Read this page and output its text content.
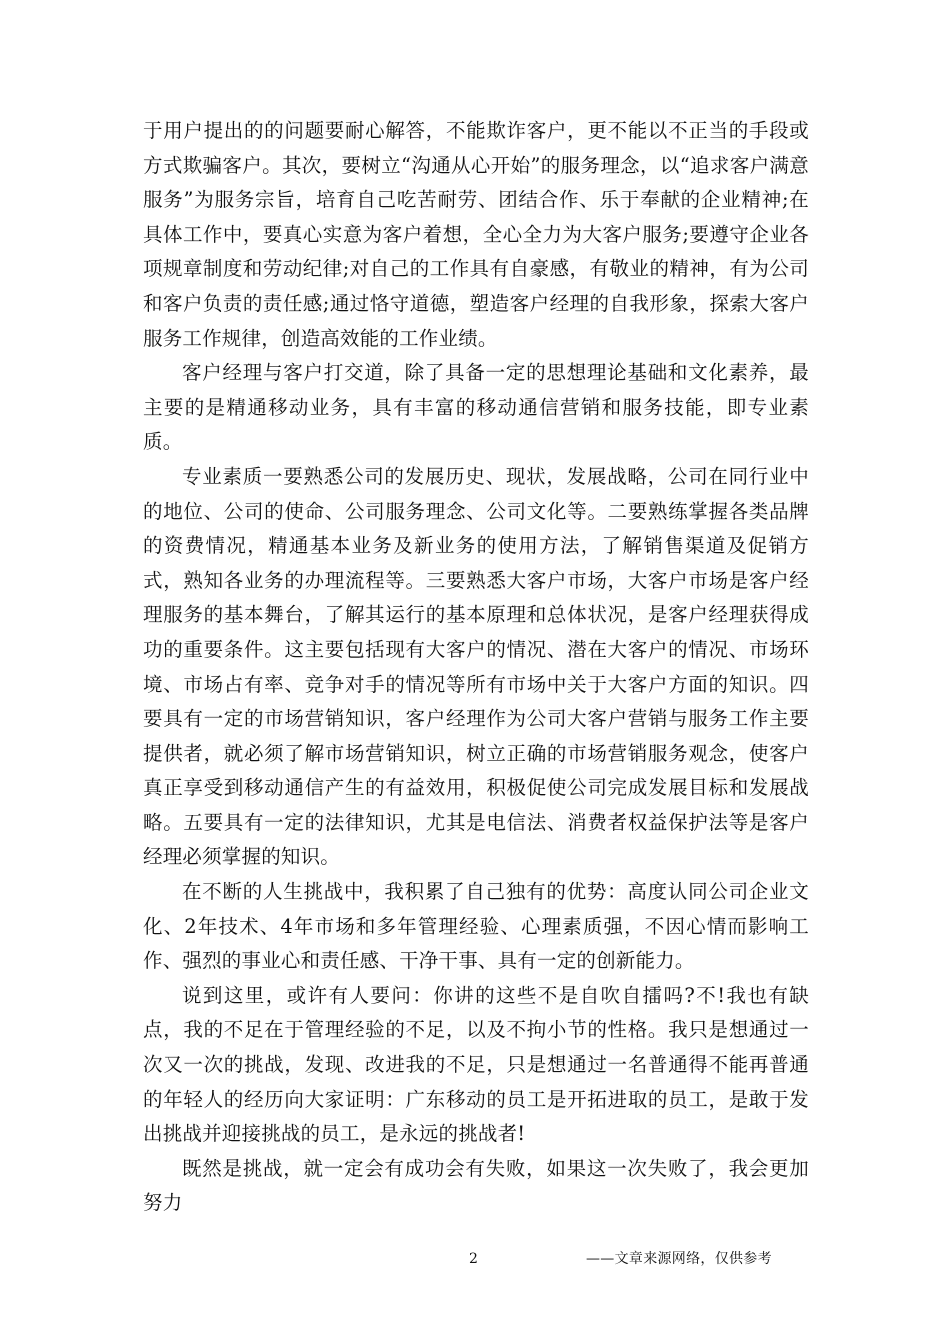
于用户提出的的问题要耐心解答，不能欺诈客户，更不能以不正当的手段或方式欺骗客户。其次，要树立“沟通从心开始”的服务理念，以“追求客户满意服务”为服务宗旨，培育自己吃苦耐劳、团结合作、乐于奉献的企业精神;在具体工作中，要真心实意为客户着想，全心全力为大客户服务;要遵守企业各项规章制度和劳动纪律;对自己的工作具有自豪感，有敬业的精神，有为公司和客户负责的责任感;通过恪守道德，塑造客户经理的自我形象，探索大客户服务工作规律，创造高效能的工作业绩。

客户经理与客户打交道，除了具备一定的思想理论基础和文化素养，最主要的是精通移动业务，具有丰富的移动通信营销和服务技能，即专业素质。

专业素质一要熟悉公司的发展历史、现状，发展战略，公司在同行业中的地位、公司的使命、公司服务理念、公司文化等。二要熟练掌握各类品牌的资费情况，精通基本业务及新业务的使用方法，了解销售渠道及促销方式，熟知各业务的办理流程等。三要熟悉大客户市场，大客户市场是客户经理服务的基本舞台，了解其运行的基本原理和总体状况，是客户经理获得成功的重要条件。这主要包括现有大客户的情况、潜在大客户的情况、市场环境、市场占有率、竞争对手的情况等所有市场中关于大客户方面的知识。四要具有一定的市场营销知识，客户经理作为公司大客户营销与服务工作主要提供者，就必须了解市场营销知识，树立正确的市场营销服务观念，使客户真正享受到移动通信产生的有益效用，积极促使公司完成发展目标和发展战略。五要具有一定的法律知识，尤其是电信法、消费者权益保护法等是客户经理必须掌握的知识。

在不断的人生挑战中，我积累了自己独有的优势：高度认同公司企业文化、2年技术、4年市场和多年管理经验、心理素质强，不因心情而影响工作、强烈的事业心和责任感、干净干事、具有一定的创新能力。

说到这里，或许有人要问：你讲的这些不是自吹自擂吗?不!我也有缺点，我的不足在于管理经验的不足，以及不拘小节的性格。我只是想通过一次又一次的挑战，发现、改进我的不足，只是想通过一名普通得不能再普通的年轻人的经历向大家证明：广东移动的员工是开拓进取的员工，是敢于发出挑战并迎接挑战的员工，是永远的挑战者!

既然是挑战，就一定会有成功会有失败，如果这一次失败了，我会更加努力

2	——文章来源网络，仅供参考
